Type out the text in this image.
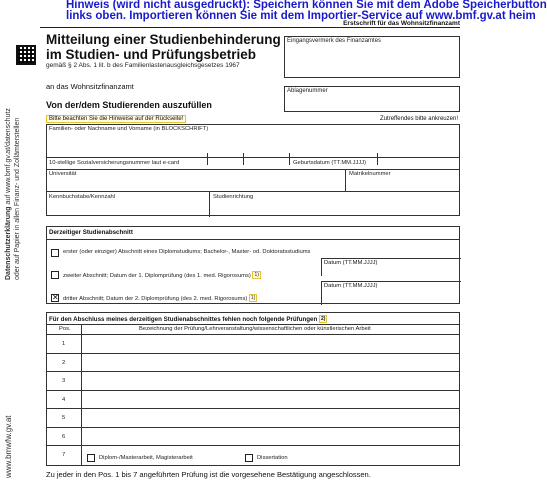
Hinweis (wird nicht ausgedruckt): Speichern können Sie mit dem Adobe Speicherbutton
links oben. Importieren können Sie mit dem Importier-Service auf www.bmf.gv.at heim
Erstschrift für das Wohnsitzfinanzamt
Datenschutzerklärung auf www.bmf.gv.at/datenschutz oder auf Papier in allen Finanz- und Zollämterstellen
www.bmwfw.gv.at
Mitteilung einer Studienbehinderung im Studien- und Prüfungsbetrieb
gemäß § 2 Abs. 1 lit. b des Familienlastenausgleichsgesetzes 1967
an das Wohnsitzfinanzamt
Von der/dem Studierenden auszufüllen
Eingangsvermerk des Finanzamtes
Ablagenummer
Bitte beachten Sie die Hinweise auf der Rückseite!	Zutreffendes bitte ankreuzen!
Familien- oder Nachname und Vorname (in BLOCKSCHRIFT)
10-stellige Sozialversicherungsnummer laut e-card	Geburtsdatum (TT.MM.JJJJ)
Universität	Matrikelnummer
Kennbuchstabe/Kennzahl	Studienrichtung
Derzeitiger Studienabschnitt
erster (oder einziger) Abschnitt eines Diplomstudiums; Bachelor-, Master- od. Doktoratsstudiums
Datum (TT.MM.JJJJ)
zweiter Abschnitt; Datum der 1. Diplomprüfung (des 1. med. Rigorosums) 1)
Datum (TT.MM.JJJJ)
✕ dritter Abschnitt; Datum der 2. Diplomprüfung (des 2. med. Rigorosums) 1)
Für den Abschluss meines derzeitigen Studienabschnittes fehlen noch folgende Prüfungen 2)
Pos.	Bezeichnung der Prüfung/Lehrveranstaltung/wissenschaftlichen oder künstlerischen Arbeit
1
2
3
4
5
6
7	Diplom-/Masterarbeit, Magisterarbeit	Dissertation
Zu jeder in den Pos. 1 bis 7 angeführten Prüfung ist die vorgesehene Bestätigung angeschlossen.
